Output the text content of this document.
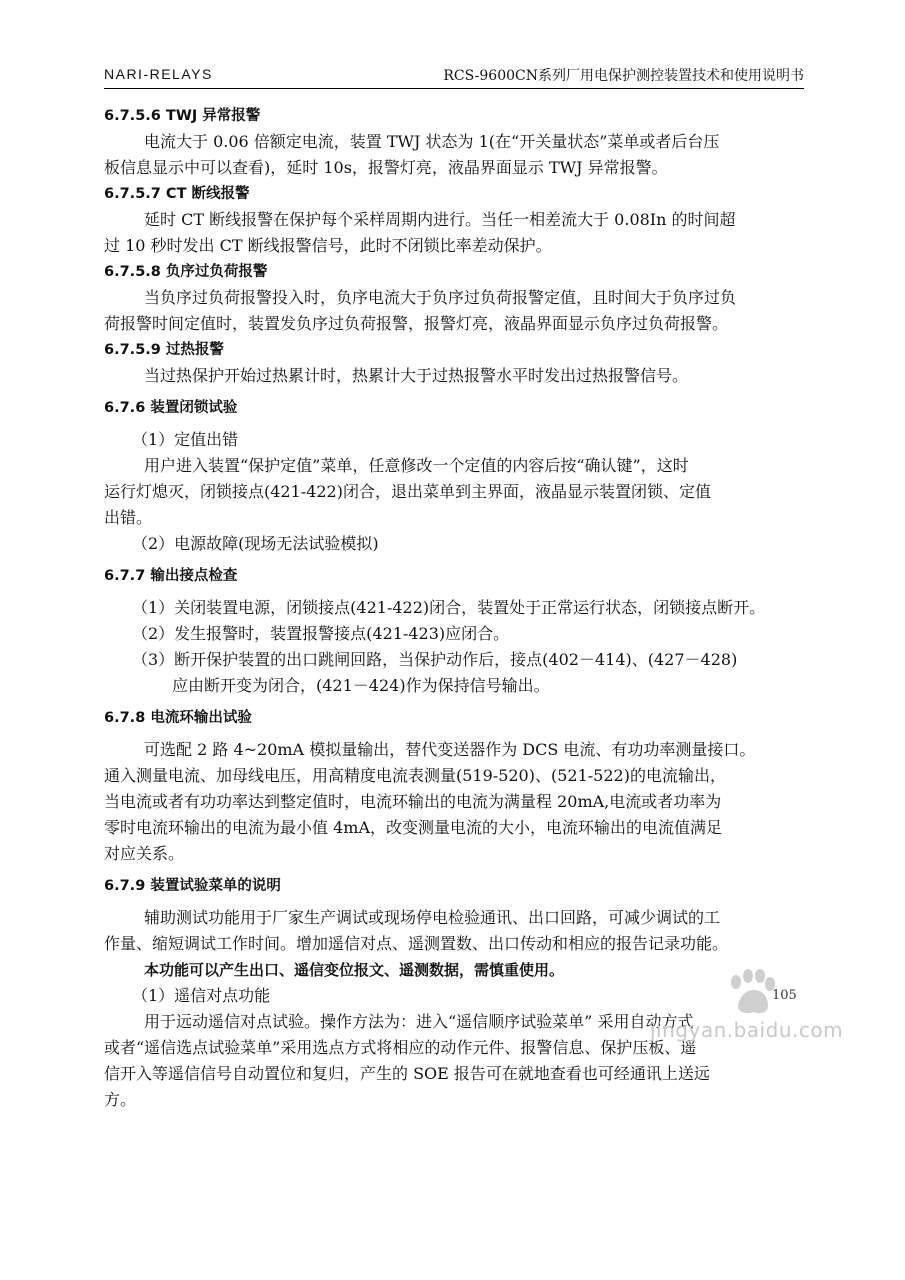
NARI-RELAYS	RCS-9600CN系列厂用电保护测控装置技术和使用说明书
6.7.5.6 TWJ 异常报警
电流大于 0.06 倍额定电流，装置 TWJ 状态为 1(在“开关量状态”菜单或者后台压
板信息显示中可以查看)，延时 10s，报警灯亮，液晶界面显示 TWJ 异常报警。
6.7.5.7 CT 断线报警
延时 CT 断线报警在保护每个采样周期内进行。当任一相差流大于 0.08In 的时间超
过 10 秒时发出 CT 断线报警信号，此时不闭锁比率差动保护。
6.7.5.8 负序过负荷报警
当负序过负荷报警投入时，负序电流大于负序过负荷报警定值，且时间大于负序过负
荷报警时间定值时，装置发负序过负荷报警，报警灯亮，液晶界面显示负序过负荷报警。
6.7.5.9 过热报警
当过热保护开始过热累计时，热累计大于过热报警水平时发出过热报警信号。
6.7.6 装置闭锁试验
（1）定值出错
用户进入装置“保护定值”菜单，任意修改一个定值的内容后按“确认键”，这时
运行灯熄灭，闭锁接点(421-422)闭合，退出菜单到主界面，液晶显示装置闭锁、定值
出错。
（2）电源故障(现场无法试验模拟)
6.7.7 输出接点检查
（1）关闭装置电源，闭锁接点(421-422)闭合，装置处于正常运行状态，闭锁接点断开。
（2）发生报警时，装置报警接点(421-423)应闭合。
（3）断开保护装置的出口跳闸回路，当保护动作后，接点(402－414)、(427－428)
应由断开变为闭合，(421－424)作为保持信号输出。
6.7.8 电流环输出试验
可选配 2 路 4~20mA 模拟量输出，替代变送器作为 DCS 电流、有功功率测量接口。
通入测量电流、加母线电压，用高精度电流表测量(519-520)、(521-522)的电流输出，
当电流或者有功功率达到整定值时，电流环输出的电流为满量程 20mA,电流或者功率为
零时电流环输出的电流为最小值 4mA，改变测量电流的大小，电流环输出的电流值满足
对应关系。
6.7.9 装置试验菜单的说明
辅助测试功能用于厂家生产调试或现场停电检验通讯、出口回路，可减少调试的工
作量、缩短调试工作时间。增加遥信对点、遥测置数、出口传动和相应的报告记录功能。
本功能可以产生出口、遥信变位报文、遥测数据，需慎重使用。
（1）遥信对点功能
用于远动遥信对点试验。操作方法为：进入“遥信顺序试验菜单” 采用自动方式
或者“遥信选点试验菜单”采用选点方式将相应的动作元件、报警信息、保护压板、遥
信开入等遥信信号自动置位和复归，产生的 SOE 报告可在就地查看也可经通讯上送远
方。
105
jingyan.baidu.com
